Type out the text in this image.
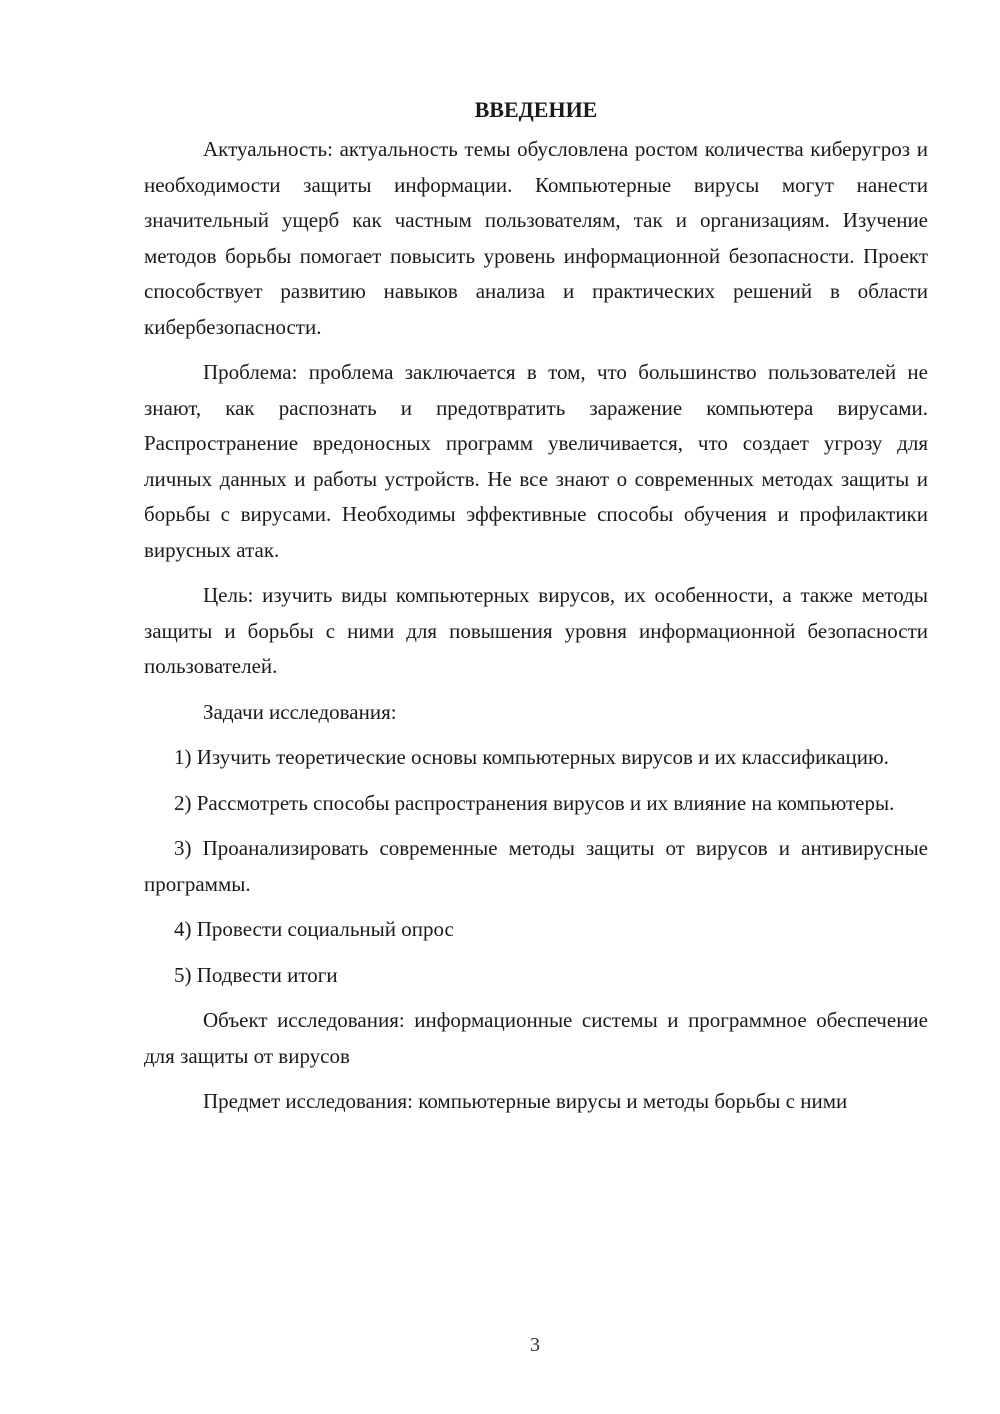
ВВЕДЕНИЕ

Актуальность: актуальность темы обусловлена ростом количества киберугроз и необходимости защиты информации. Компьютерные вирусы могут нанести значительный ущерб как частным пользователям, так и организациям. Изучение методов борьбы помогает повысить уровень информационной безопасности. Проект способствует развитию навыков анализа и практических решений в области кибербезопасности.

Проблема: проблема заключается в том, что большинство пользователей не знают, как распознать и предотвратить заражение компьютера вирусами. Распространение вредоносных программ увеличивается, что создает угрозу для личных данных и работы устройств. Не все знают о современных методах защиты и борьбы с вирусами. Необходимы эффективные способы обучения и профилактики вирусных атак.

Цель: изучить виды компьютерных вирусов, их особенности, а также методы защиты и борьбы с ними для повышения уровня информационной безопасности пользователей.

Задачи исследования:

1) Изучить теоретические основы компьютерных вирусов и их классификацию.

2) Рассмотреть способы распространения вирусов и их влияние на компьютеры.

3) Проанализировать современные методы защиты от вирусов и антивирусные программы.

4) Провести социальный опрос

5) Подвести итоги

Объект исследования: информационные системы и программное обеспечение для защиты от вирусов

Предмет исследования: компьютерные вирусы и методы борьбы с ними

3
